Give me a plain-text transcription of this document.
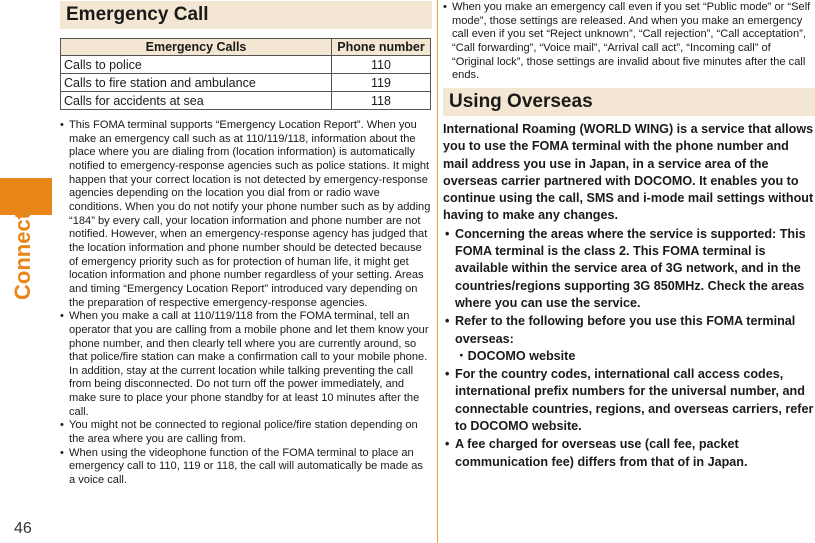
Connect
46
Emergency Call
Emergency Calls	Phone number
Calls to police	110
Calls to fire station and ambulance	119
Calls for accidents at sea	118
• This FOMA terminal supports “Emergency Location Report”. When you make an emergency call such as at 110/119/118, information about the place where you are dialing from (location information) is automatically notified to emergency-response agencies such as police stations. It might happen that your correct location is not detected by emergency-response agencies depending on the location you dial from or radio wave conditions. When you do not notify your phone number such as by adding “184” by every call, your location information and phone number are not notified. However, when an emergency-response agency has judged that the location information and phone number should be detected because of emergency priority such as for protection of human life, it might get location information and phone number regardless of your setting. Areas and timing “Emergency Location Report” introduced vary depending on the preparation of respective emergency-response agencies.
• When you make a call at 110/119/118 from the FOMA terminal, tell an operator that you are calling from a mobile phone and let them know your phone number, and then clearly tell where you are currently around, so that police/fire station can make a confirmation call to your mobile phone. In addition, stay at the current location while talking preventing the call from being disconnected. Do not turn off the power immediately, and make sure to place your phone standby for at least 10 minutes after the call.
• You might not be connected to regional police/fire station depending on the area where you are calling from.
• When using the videophone function of the FOMA terminal to place an emergency call to 110, 119 or 118, the call will automatically be made as a voice call.
• When you make an emergency call even if you set “Public mode” or “Self mode”, those settings are released. And when you make an emergency call even if you set “Reject unknown”, “Call rejection”, “Call acceptation”, “Call forwarding”, “Voice mail”, “Arrival call act”, “Incoming call” of “Original lock”, those settings are invalid about five minutes after the call ends.
Using Overseas

International Roaming (WORLD WING) is a service that allows you to use the FOMA terminal with the phone number and mail address you use in Japan, in a service area of the overseas carrier partnered with DOCOMO. It enables you to continue using the call, SMS and i-mode mail settings without having to make any changes.

• Concerning the areas where the service is supported: This FOMA terminal is the class 2. This FOMA terminal is available within the service area of 3G network, and in the countries/regions supporting 3G 850MHz. Check the areas where you can use the service.
• Refer to the following before you use this FOMA terminal overseas:
・DOCOMO website
• For the country codes, international call access codes, international prefix numbers for the universal number, and connectable countries, regions, and overseas carriers, refer to DOCOMO website.
• A fee charged for overseas use (call fee, packet communication fee) differs from that of in Japan.
